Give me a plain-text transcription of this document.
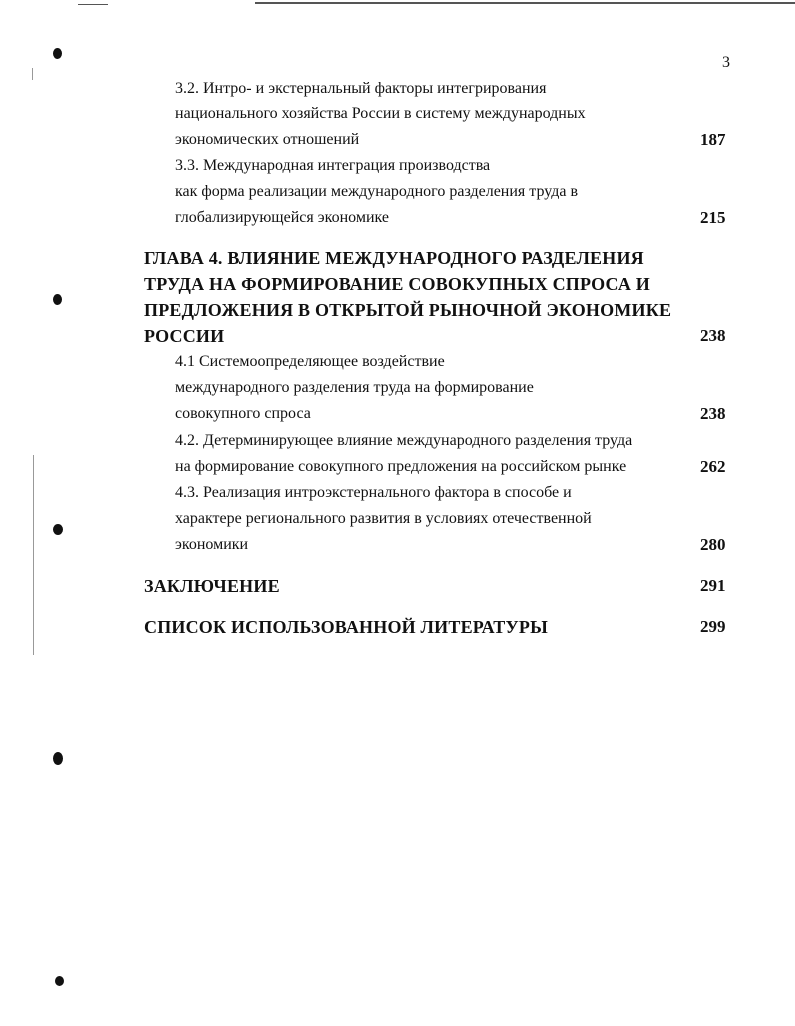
3
3.2. Интро- и экстернальный факторы интегрирования
национального хозяйства России в систему международных
экономических отношений	187
3.3. Международная интеграция производства
как форма реализации международного разделения труда в
глобализирующейся экономике	215
ГЛАВА 4. ВЛИЯНИЕ МЕЖДУНАРОДНОГО РАЗДЕЛЕНИЯ
ТРУДА НА ФОРМИРОВАНИЕ СОВОКУПНЫХ СПРОСА И
ПРЕДЛОЖЕНИЯ В ОТКРЫТОЙ РЫНОЧНОЙ ЭКОНОМИКЕ
РОССИИ	238
4.1 Системоопределяющее воздействие
международного разделения труда на формирование
совокупного спроса	238
4.2. Детерминирующее влияние международного разделения труда
на формирование совокупного предложения на российском рынке	262
4.3. Реализация интроэкстернального фактора в способе и
характере регионального развития в условиях отечественной
экономики	280
ЗАКЛЮЧЕНИЕ	291
СПИСОК ИСПОЛЬЗОВАННОЙ ЛИТЕРАТУРЫ	299
